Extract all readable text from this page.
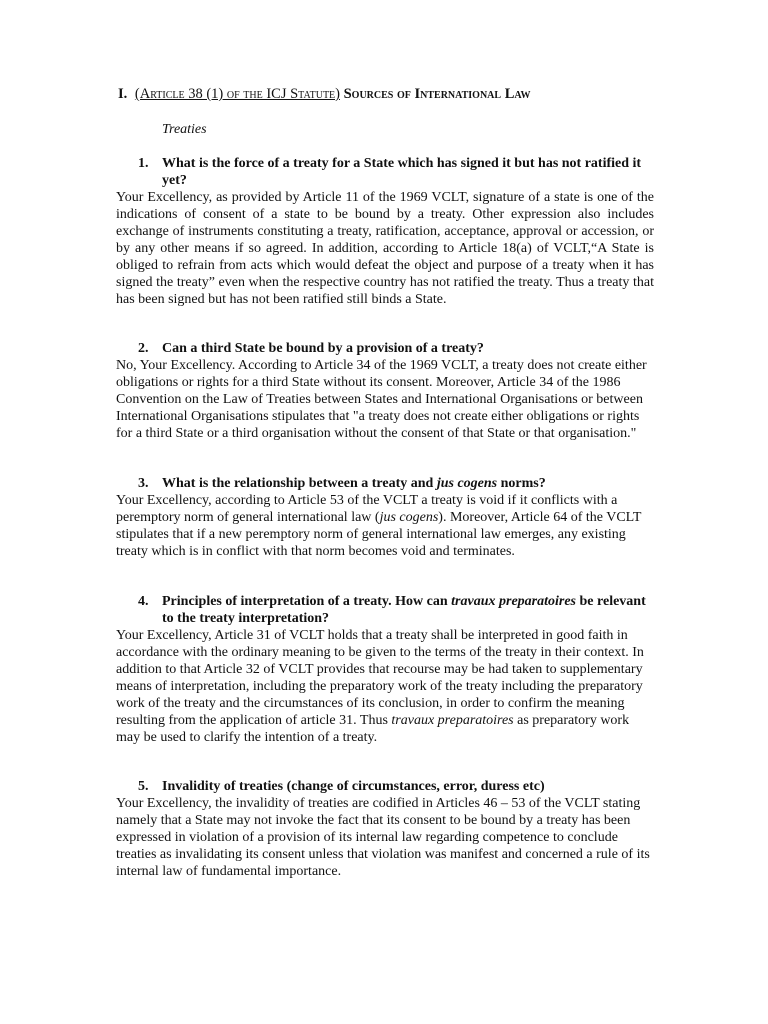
I. (Article 38 (1) of the ICJ Statute) Sources of International Law
Treaties
1. What is the force of a treaty for a State which has signed it but has not ratified it yet?
Your Excellency, as provided by Article 11 of the 1969 VCLT, signature of a state is one of the indications of consent of a state to be bound by a treaty. Other expression also includes exchange of instruments constituting a treaty, ratification, acceptance, approval or accession, or by any other means if so agreed. In addition, according to Article 18(a) of VCLT,“A State is obliged to refrain from acts which would defeat the object and purpose of a treaty when it has signed the treaty” even when the respective country has not ratified the treaty. Thus a treaty that has been signed but has not been ratified still binds a State.
2. Can a third State be bound by a provision of a treaty?
No, Your Excellency. According to Article 34 of the 1969 VCLT, a treaty does not create either obligations or rights for a third State without its consent. Moreover, Article 34 of the 1986 Convention on the Law of Treaties between States and International Organisations or between International Organisations stipulates that "a treaty does not create either obligations or rights for a third State or a third organisation without the consent of that State or that organisation."
3. What is the relationship between a treaty and jus cogens norms?
Your Excellency, according to Article 53 of the VCLT a treaty is void if it conflicts with a peremptory norm of general international law (jus cogens). Moreover, Article 64 of the VCLT stipulates that if a new peremptory norm of general international law emerges, any existing treaty which is in conflict with that norm becomes void and terminates.
4. Principles of interpretation of a treaty. How can travaux preparatoires be relevant to the treaty interpretation?
Your Excellency, Article 31 of VCLT holds that a treaty shall be interpreted in good faith in accordance with the ordinary meaning to be given to the terms of the treaty in their context. In addition to that Article 32 of VCLT provides that recourse may be had taken to supplementary means of interpretation, including the preparatory work of the treaty including the preparatory work of the treaty and the circumstances of its conclusion, in order to confirm the meaning resulting from the application of article 31. Thus travaux preparatoires as preparatory work may be used to clarify the intention of a treaty.
5. Invalidity of treaties (change of circumstances, error, duress etc)
Your Excellency, the invalidity of treaties are codified in Articles 46 – 53 of the VCLT stating namely that a State may not invoke the fact that its consent to be bound by a treaty has been expressed in violation of a provision of its internal law regarding competence to conclude treaties as invalidating its consent unless that violation was manifest and concerned a rule of its internal law of fundamental importance.
